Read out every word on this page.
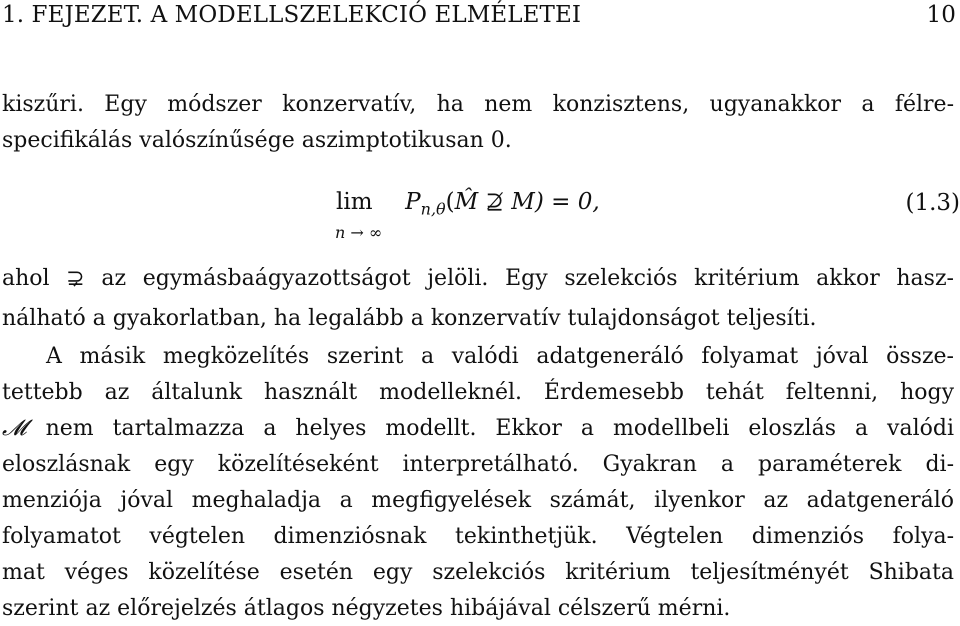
1. FEJEZET. A MODELLSZELEKCIÓ ELMÉLETEI	10
kiszűri. Egy módszer konzervatív, ha nem konzisztens, ugyanakkor a félre-
specifikálás valószínűsége aszimptotikusan 0.
$\lim P_{n,\theta}(M̂$ ⊉ M) = 0,
n → ∞
(1.3)
ahol ⊋ az egymásbaágyazottságot jelöli. Egy szelekciós kritérium akkor hasz-
nálható a gyakorlatban, ha legalább a konzervatív tulajdonságot teljesíti.
A másik megközelítés szerint a valódi adatgeneráló folyamat jóval össze-
tettebb az általunk használt modelleknél. Érdemesebb tehát feltenni, hogy
𝓜 nem tartalmazza a helyes modellt. Ekkor a modellbeli eloszlás a valódi
eloszlásnak egy közelítéseként interpretálható. Gyakran a paraméterek di-
menziója jóval meghaladja a megfigyelések számát, ilyenkor az adatgeneráló
folyamatot végtelen dimenziósnak tekinthetjük. Végtelen dimenziós folya-
mat véges közelítése esetén egy szelekciós kritérium teljesítményét Shibata
szerint az előrejelzés átlagos négyzetes hibájával célszerű mérni.
